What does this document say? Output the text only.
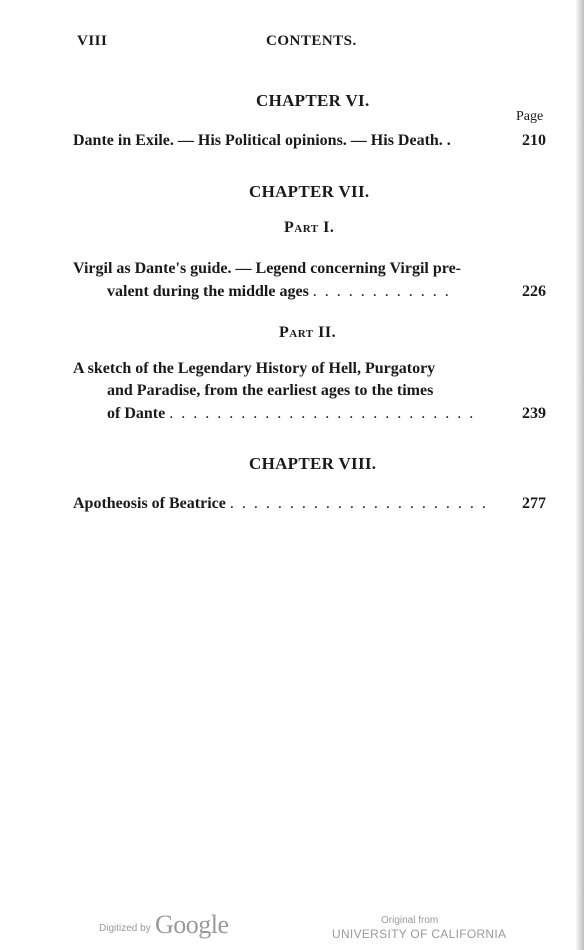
VIII	CONTENTS.
CHAPTER VI.
Page
Dante in Exile. — His Political opinions. — His Death. .	210
CHAPTER VII.
Part I.
Virgil as Dante's guide. — Legend concerning Virgil pre-
valent during the middle ages . . . . . . . . . . . .	226
Part II.
A sketch of the Legendary History of Hell, Purgatory
and Paradise, from the earliest ages to the times
of Dante . . . . . . . . . . . . . . . . . . . . . . . . . .	239
CHAPTER VIII.
Apotheosis of Beatrice . . . . . . . . . . . . . . . . . . . . . . 277
Digitized by Google	Original from
UNIVERSITY OF CALIFORNIA
